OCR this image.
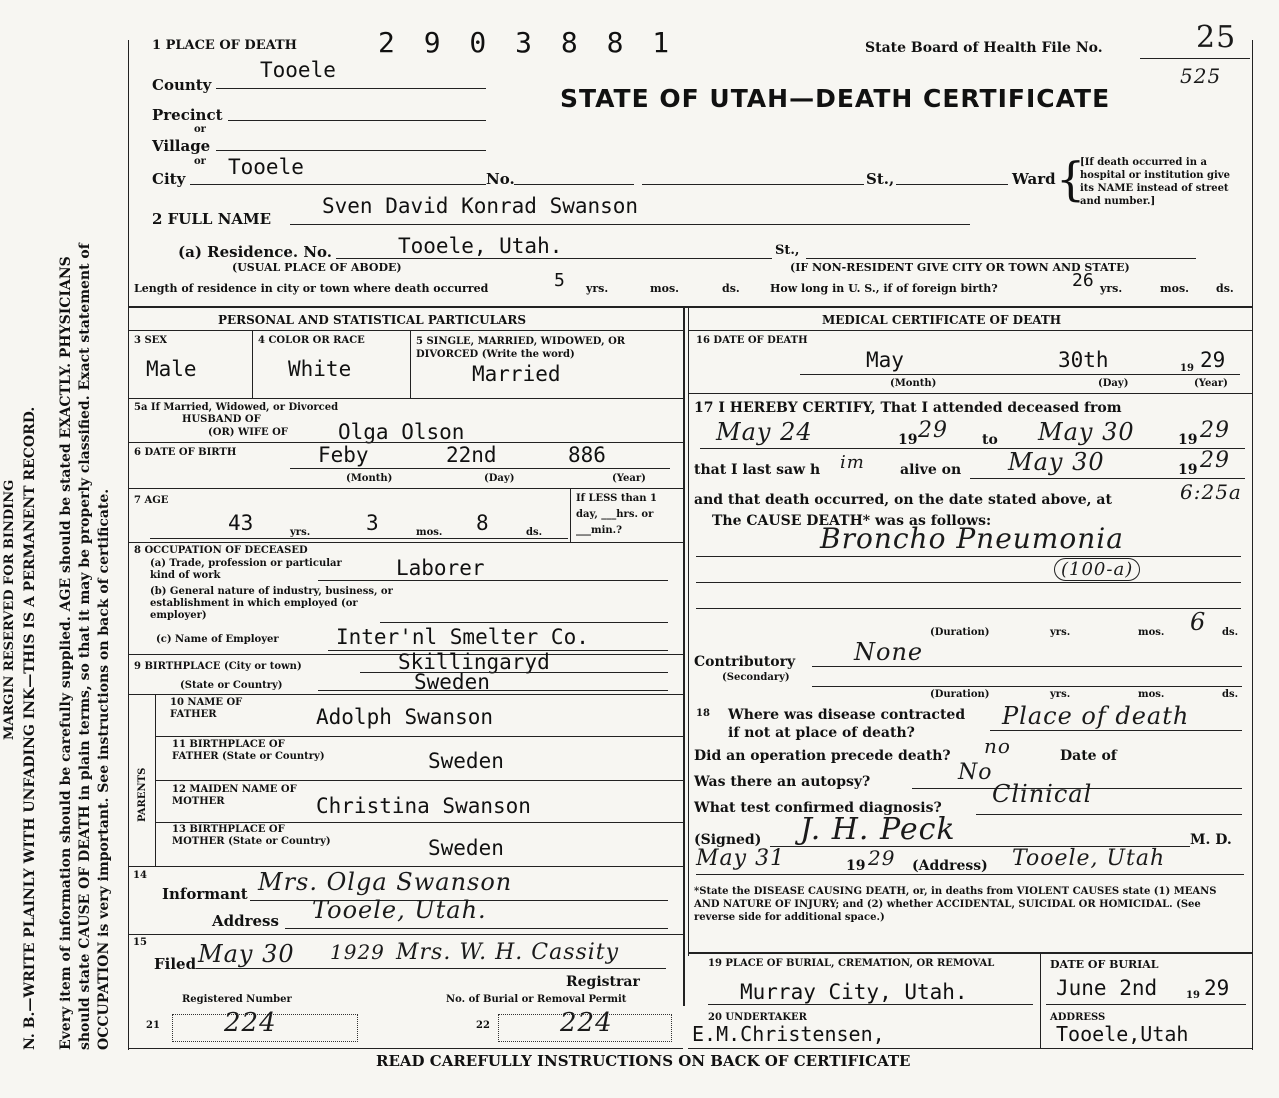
N. B.—WRITE PLAINLY WITH UNFADING INK—THIS IS A PERMANENT RECORD. Every item of information should be carefully supplied. AGE should be stated EXACTLY. PHYSICIANS should state CAUSE OF DEATH in plain terms, so that it may be properly classified. Exact statement of OCCUPATION is very important. See instructions on back of certificate.
MARGIN RESERVED FOR BINDING
1 PLACE OF DEATH	2 9 0 3 8 8 1	State Board of Health File No.	25
525
STATE OF UTAH—DEATH CERTIFICATE
County
Tooele
Precinct
or
Village
or
City Tooele	No.	St.,	Ward {
[If death occurred in a hospital or institution give its NAME instead of street and number.]
2 FULL NAME
Sven David Konrad Swanson
(a) Residence. No.	Tooele, Utah.	St.,
(USUAL PLACE OF ABODE)	(IF NON-RESIDENT GIVE CITY OR TOWN AND STATE)
Length of residence in city or town where death occurred	5 yrs.	mos.	ds.	How long in U. S., if of foreign birth?	26 yrs.	mos. ds.
PERSONAL AND STATISTICAL PARTICULARS
3 SEX
Male
4 COLOR OR RACE
White
5 SINGLE, MARRIED, WIDOWED, OR DIVORCED (Write the word)
Married
5a If Married, Widowed, or Divorced
HUSBAND OF
(OR) WIFE OF Olga Olson
6 DATE OF BIRTH	Feby	22nd	886
(Month)	(Day)	(Year)
7 AGE
43	yrs.	3	mos. 8	ds.
If LESS than 1 day, ___hrs. or ___min.?
8 OCCUPATION OF DECEASED
(a) Trade, profession or particular kind of work	Laborer
(b) General nature of industry, business, or establishment in which employed (or employer)
(c) Name of Employer	Inter'nl Smelter Co.
9 BIRTHPLACE (City or town)	Skillingaryd
(State or Country)	Sweden
PARENTS
10 NAME OF FATHER	Adolph Swanson
11 BIRTHPLACE OF FATHER (State or Country)	Sweden
12 MAIDEN NAME OF MOTHER	Christina Swanson
13 BIRTHPLACE OF MOTHER (State or Country)	Sweden
14
Informant Mrs. Olga Swanson
Address Tooele, Utah.
15
Filed May 30 1929 Mrs. W. H. Cassity
Registrar
Registered Number	No. of Burial or Removal Permit
21 224	22	224
MEDICAL CERTIFICATE OF DEATH
16 DATE OF DEATH
May	30th	19 29
(Month)	(Day)	(Year)
17 I HEREBY CERTIFY, That I attended deceased from
May 24	19 29 to May 30	19 29
that I last saw h im	alive on May 30	19 29
and that death occurred, on the date stated above, at	6:25a
The CAUSE DEATH* was as follows:
Broncho Pneumonia
(100-a)
(Duration)	yrs.	mos. 6 ds.
Contributory
(Secondary)
None
(Duration)	yrs.	mos.	ds.
18 Where was disease contracted
if not at place of death?
Place of death
Did an operation precede death? no	Date of
Was there an autopsy?	No
What test confirmed diagnosis? Clinical
(Signed) J. H. Peck	M. D.
May 31	19 29 (Address) Tooele, Utah
*State the DISEASE CAUSING DEATH, or, in deaths from VIOLENT CAUSES state (1) MEANS AND NATURE OF INJURY; and (2) whether ACCIDENTAL, SUICIDAL OR HOMICIDAL. (See reverse side for additional space.)
19 PLACE OF BURIAL, CREMATION, OR REMOVAL
Murray City, Utah.
DATE OF BURIAL
June 2nd	19 29
20 UNDERTAKER
E.M.Christensen,
ADDRESS
Tooele,Utah
READ CAREFULLY INSTRUCTIONS ON BACK OF CERTIFICATE
